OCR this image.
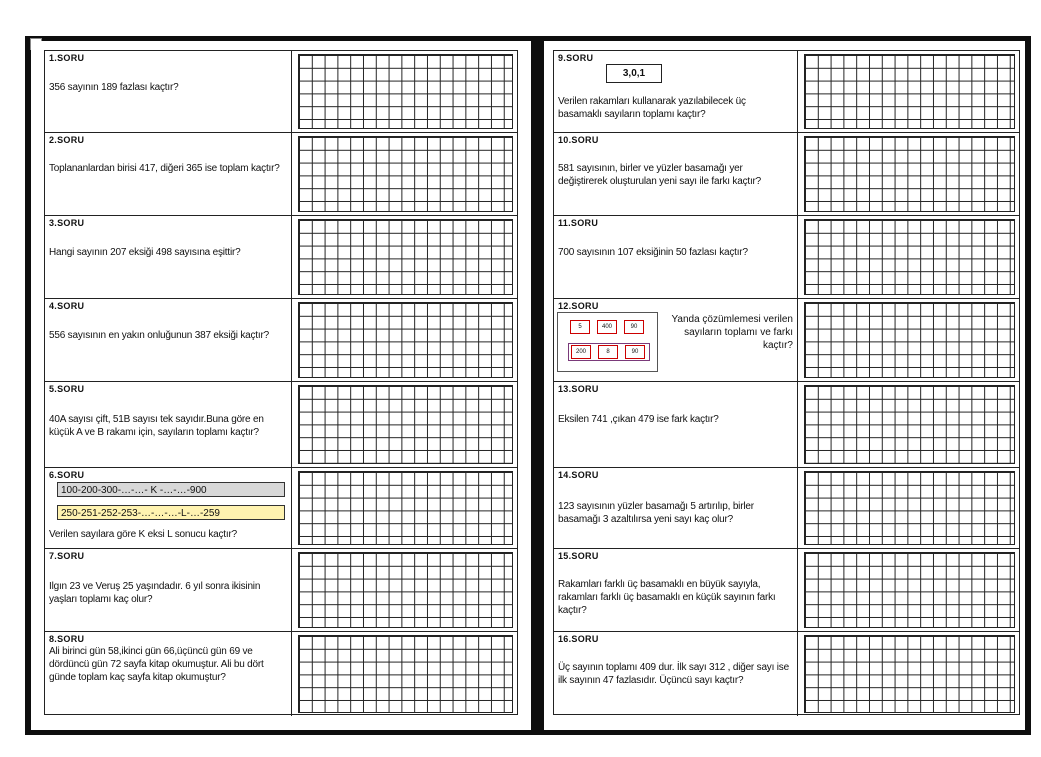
1.SORU
356 sayının 189 fazlası kaçtır?
2.SORU
Toplananlardan birisi 417, diğeri 365 ise toplam kaçtır?
3.SORU
Hangi sayının 207 eksiği 498 sayısına eşittir?
4.SORU
556 sayısının en yakın onluğunun 387 eksiği kaçtır?
5.SORU
40A sayısı çift, 51B sayısı tek sayıdır.Buna göre en küçük A ve B rakamı için, sayıların toplamı kaçtır?
6.SORU
100-200-300-…-…- K -…-…-900
250-251-252-253-…-…-…-L-…-259
Verilen sayılara göre K eksi L sonucu kaçtır?
7.SORU
Ilgın 23 ve Veruş 25 yaşındadır. 6 yıl sonra ikisinin yaşları toplamı kaç olur?
8.SORU
Ali birinci gün 58,ikinci gün 66,üçüncü gün 69 ve dördüncü gün 72 sayfa kitap okumuştur. Ali bu dört günde toplam kaç sayfa kitap okumuştur?
9.SORU
3,0,1
Verilen rakamları kullanarak yazılabilecek üç basamaklı sayıların toplamı kaçtır?
10.SORU
581 sayısının, birler ve yüzler basamağı yer değiştirerek oluşturulan yeni sayı ile farkı kaçtır?
11.SORU
700 sayısının 107 eksiğinin 50 fazlası kaçtır?
12.SORU
5	400	90
200	8	90
Yanda çözümlemesi verilen sayıların toplamı ve farkı kaçtır?
13.SORU
Eksilen 741 ,çıkan 479 ise fark kaçtır?
14.SORU
123 sayısının yüzler basamağı 5 artırılıp, birler basamağı 3 azaltılırsa yeni sayı kaç olur?
15.SORU
Rakamları farklı üç basamaklı en büyük sayıyla, rakamları farklı üç basamaklı en küçük sayının farkı kaçtır?
16.SORU
Üç sayının toplamı 409 dur. İlk sayı 312 , diğer sayı ise ilk sayının 47 fazlasıdır. Üçüncü sayı kaçtır?
